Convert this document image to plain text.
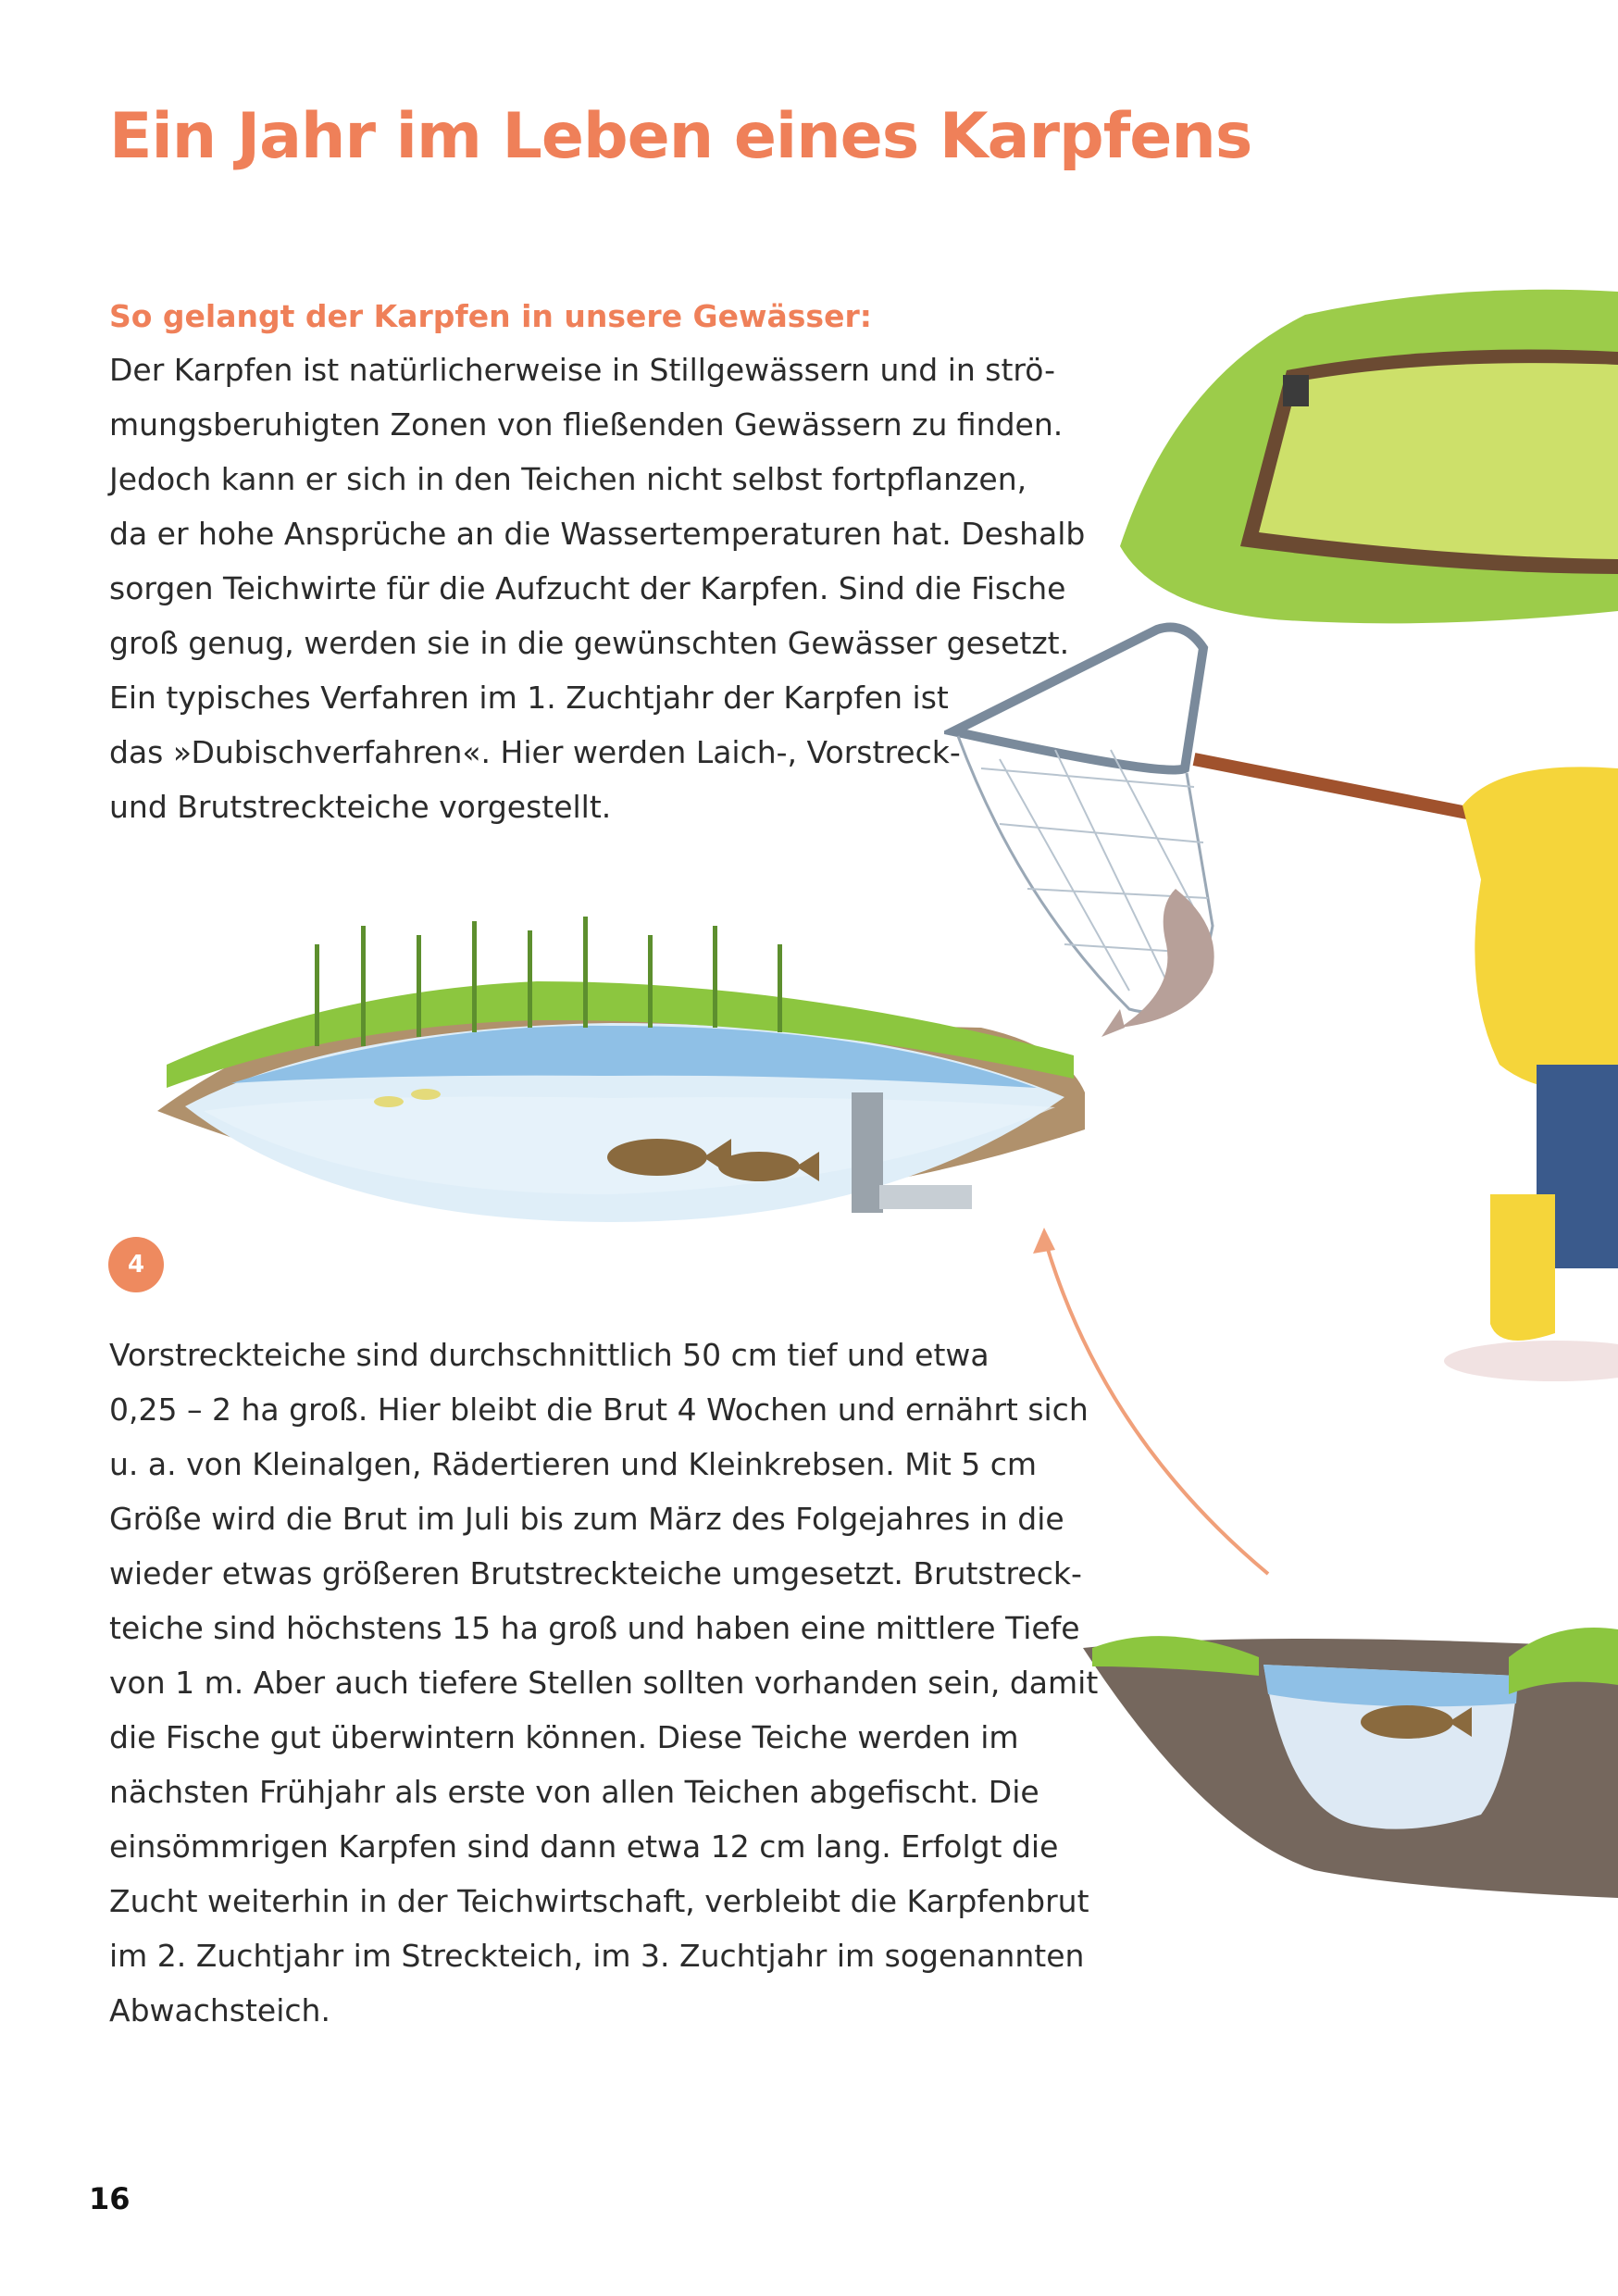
Ein Jahr im Leben eines Karpfens
So gelangt der Karpfen in unsere Gewässer:
Der Karpfen ist natürlicherweise in Stillgewässern und in strö-
mungsberuhigten Zonen von fließenden Gewässern zu finden.
Jedoch kann er sich in den Teichen nicht selbst fortpflanzen,
da er hohe Ansprüche an die Wassertemperaturen hat. Deshalb
sorgen Teichwirte für die Aufzucht der Karpfen. Sind die Fische
groß genug, werden sie in die gewünschten Gewässer gesetzt.
Ein typisches Verfahren im 1. Zuchtjahr der Karpfen ist
das »Dubischverfahren«. Hier werden Laich-, Vorstreck-
und Brutstreckteiche vorgestellt.
4
Vorstreckteiche sind durchschnittlich 50 cm tief und etwa
0,25 – 2 ha groß. Hier bleibt die Brut 4 Wochen und ernährt sich
u. a. von Kleinalgen, Rädertieren und Kleinkrebsen. Mit 5 cm
Größe wird die Brut im Juli bis zum März des Folgejahres in die
wieder etwas größeren Brutstreckteiche umgesetzt. Brutstreck-
teiche sind höchstens 15 ha groß und haben eine mittlere Tiefe
von 1 m. Aber auch tiefere Stellen sollten vorhanden sein, damit
die Fische gut überwintern können. Diese Teiche werden im
nächsten Frühjahr als erste von allen Teichen abgefischt. Die
einsömmrigen Karpfen sind dann etwa 12 cm lang. Erfolgt die
Zucht weiterhin in der Teichwirtschaft, verbleibt die Karpfenbrut
im 2. Zuchtjahr im Streckteich, im 3. Zuchtjahr im sogenannten
Abwachsteich.
16
